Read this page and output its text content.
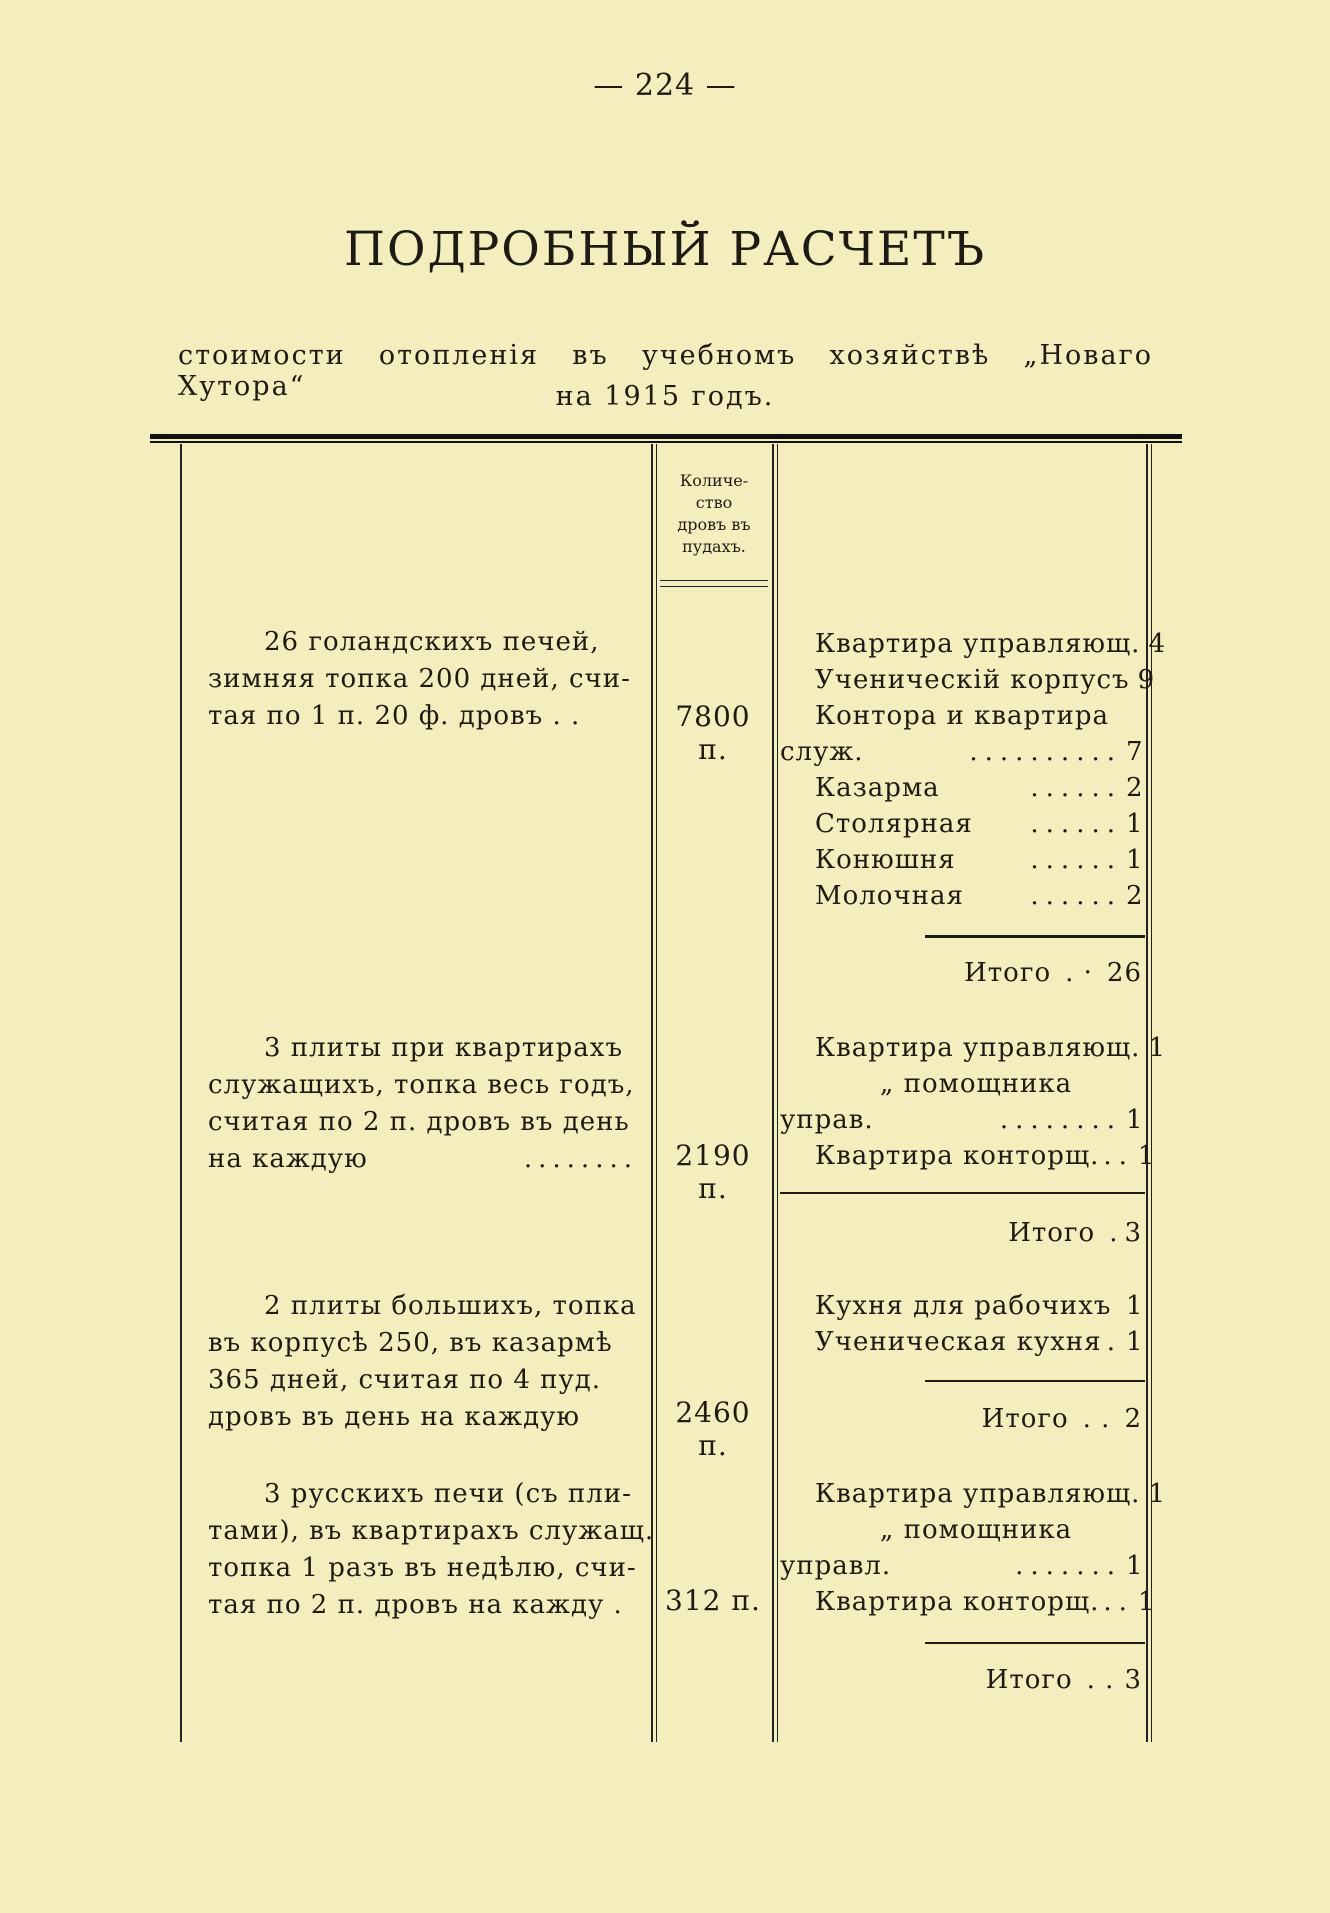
— 224 —
ПОДРОБНЫЙ РАСЧЕТЪ
стоимости отопленія въ учебномъ хозяйствѣ „Новаго Хутора“	на 1915 годъ.
Количе-
ство
дровъ въ
пудахъ.
26 голандскихъ печей,
зимняя топка 200 дней, счи-
тая по 1 п. 20 ф. дровъ . .	7800 п.
Квартира управляющ. 4
Ученическій корпусъ 9
Контора и квартира
служ.	.......... 7
Казарма	...... 2
Столярная	...... 1
Конюшня	...... 1
Молочная	...... 2
Итого . · 26
3 плиты при квартирахъ
служащихъ, топка весь годъ,
считая по 2 п. дровъ въ день
на каждую	........	2190 п.
Квартира управляющ. 1
„ помощника
управ.	........ 1
Квартира конторщ. .. 1
Итого . 3
2 плиты большихъ, топка
въ корпусѣ 250, въ казармѣ
365 дней, считая по 4 пуд.
дровъ въ день на каждую	2460 п.
Кухня для рабочихъ 1
Ученическая кухня . 1
Итого . . 2
3 русскихъ печи (съ пли-
тами), въ квартирахъ служащ.
топка 1 разъ въ недѣлю, счи-
тая по 2 п. дровъ на кажду . 312 п.
Квартира управляющ. 1
„ помощника
управл.	....... 1
Квартира конторщ. .. 1
Итого . . 3
